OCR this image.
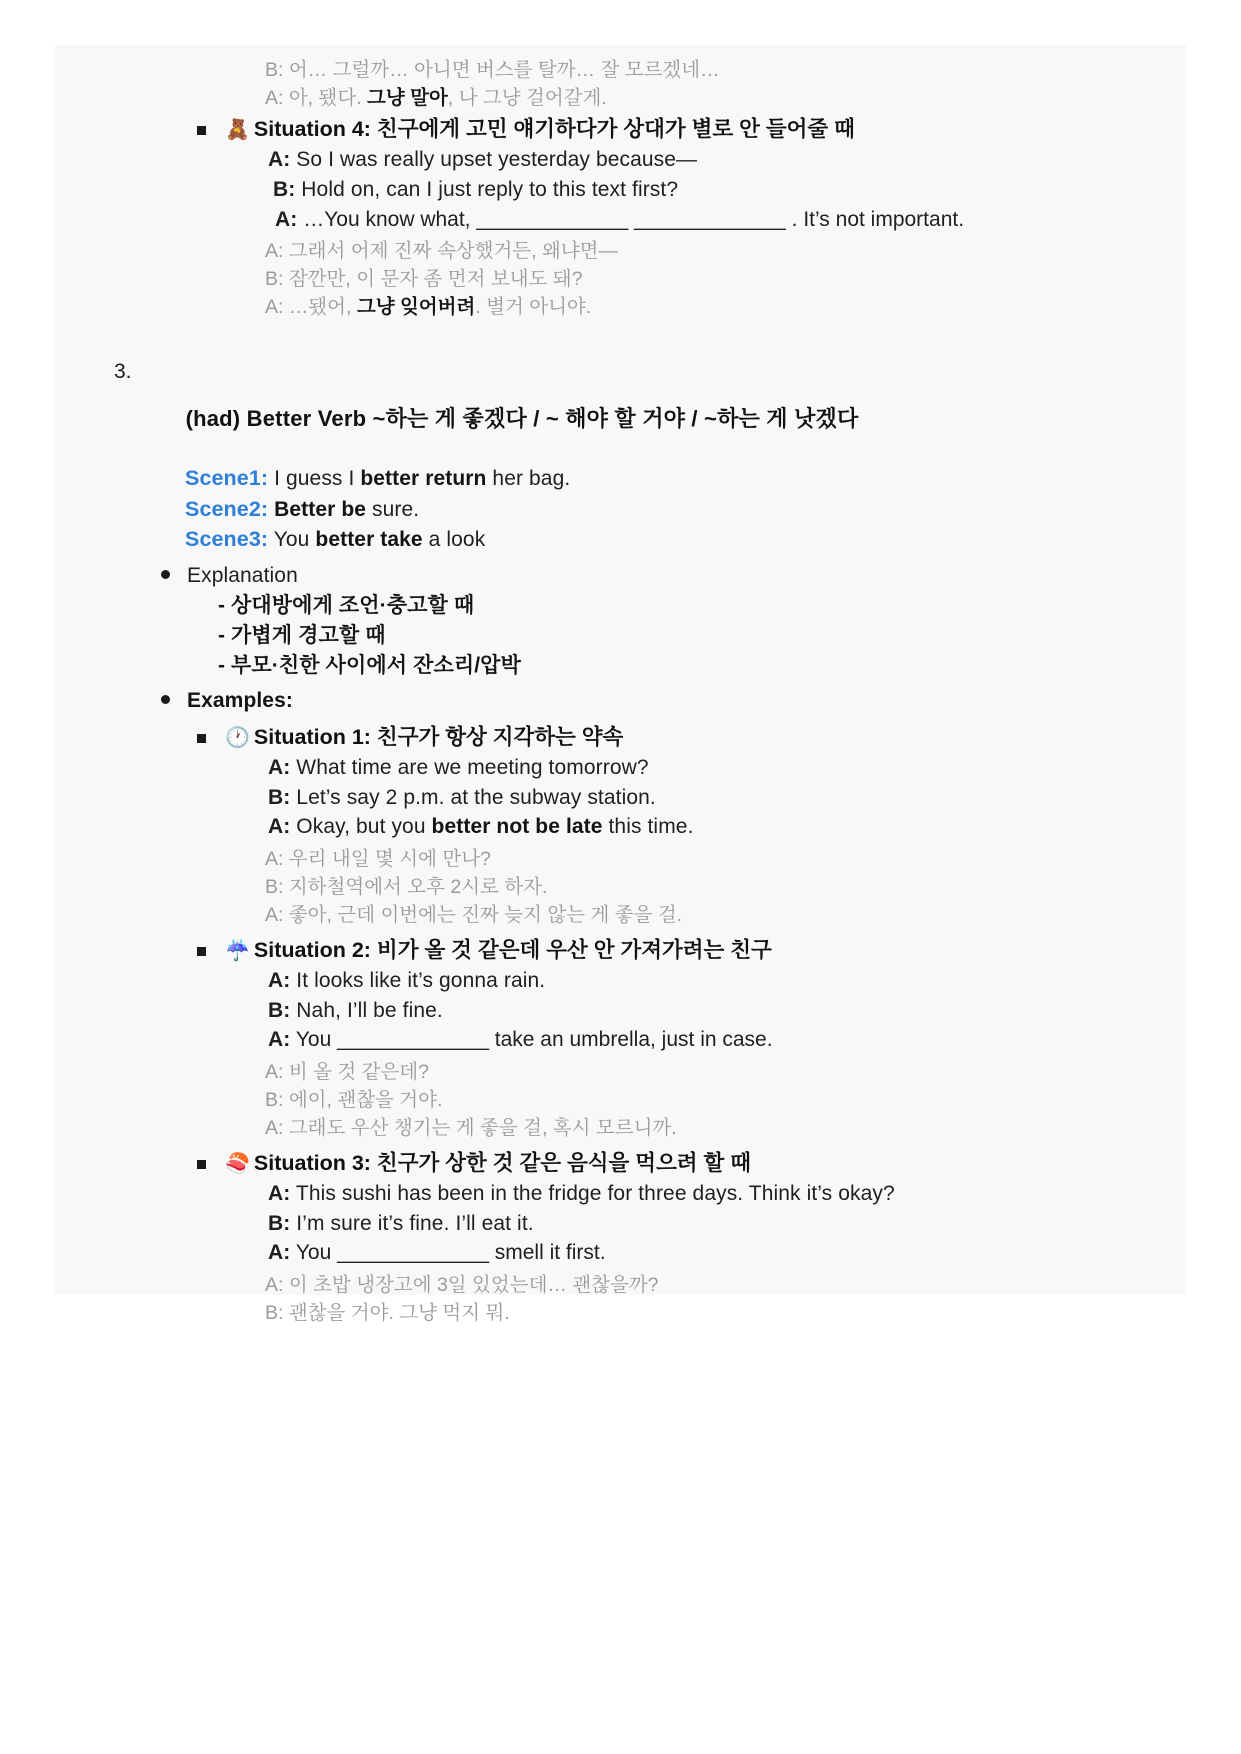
B: 어… 그럴까… 아니면 버스를 탈까… 잘 모르겠네…
A: 아, 됐다. 그냥 말아, 나 그냥 걸어갈게.
🧸 Situation 4: 친구에게 고민 얘기하다가 상대가 별로 안 들어줄 때
A: So I was really upset yesterday because—
B: Hold on, can I just reply to this text first?
A: …You know what, _____________ _____________ . It’s not important.
A: 그래서 어제 진짜 속상했거든, 왜냐면—
B: 잠깐만, 이 문자 좀 먼저 보내도 돼?
A: …됐어, 그냥 잊어버려. 별거 아니야.

3.

(had) Better Verb ~하는 게 좋겠다 / ~ 해야 할 거야 / ~하는 게 낫겠다

Scene1: I guess I better return her bag.
Scene2: Better be sure.
Scene3: You better take a look
Explanation
- 상대방에게 조언·충고할 때
- 가볍게 경고할 때
- 부모·친한 사이에서 잔소리/압박
Examples:
🕐 Situation 1: 친구가 항상 지각하는 약속
A: What time are we meeting tomorrow?
B: Let’s say 2 p.m. at the subway station.
A: Okay, but you better not be late this time.
A: 우리 내일 몇 시에 만나?
B: 지하철역에서 오후 2시로 하자.
A: 좋아, 근데 이번에는 진짜 늦지 않는 게 좋을 걸.
☔ Situation 2: 비가 올 것 같은데 우산 안 가져가려는 친구
A: It looks like it’s gonna rain.
B: Nah, I’ll be fine.
A: You _____________ take an umbrella, just in case.
A: 비 올 것 같은데?
B: 에이, 괜찮을 거야.
A: 그래도 우산 챙기는 게 좋을 걸, 혹시 모르니까.
🍣 Situation 3: 친구가 상한 것 같은 음식을 먹으려 할 때
A: This sushi has been in the fridge for three days. Think it’s okay?
B: I’m sure it’s fine. I’ll eat it.
A: You _____________ smell it first.
A: 이 초밥 냉장고에 3일 있었는데… 괜찮을까?
B: 괜찮을 거야. 그냥 먹지 뭐.
